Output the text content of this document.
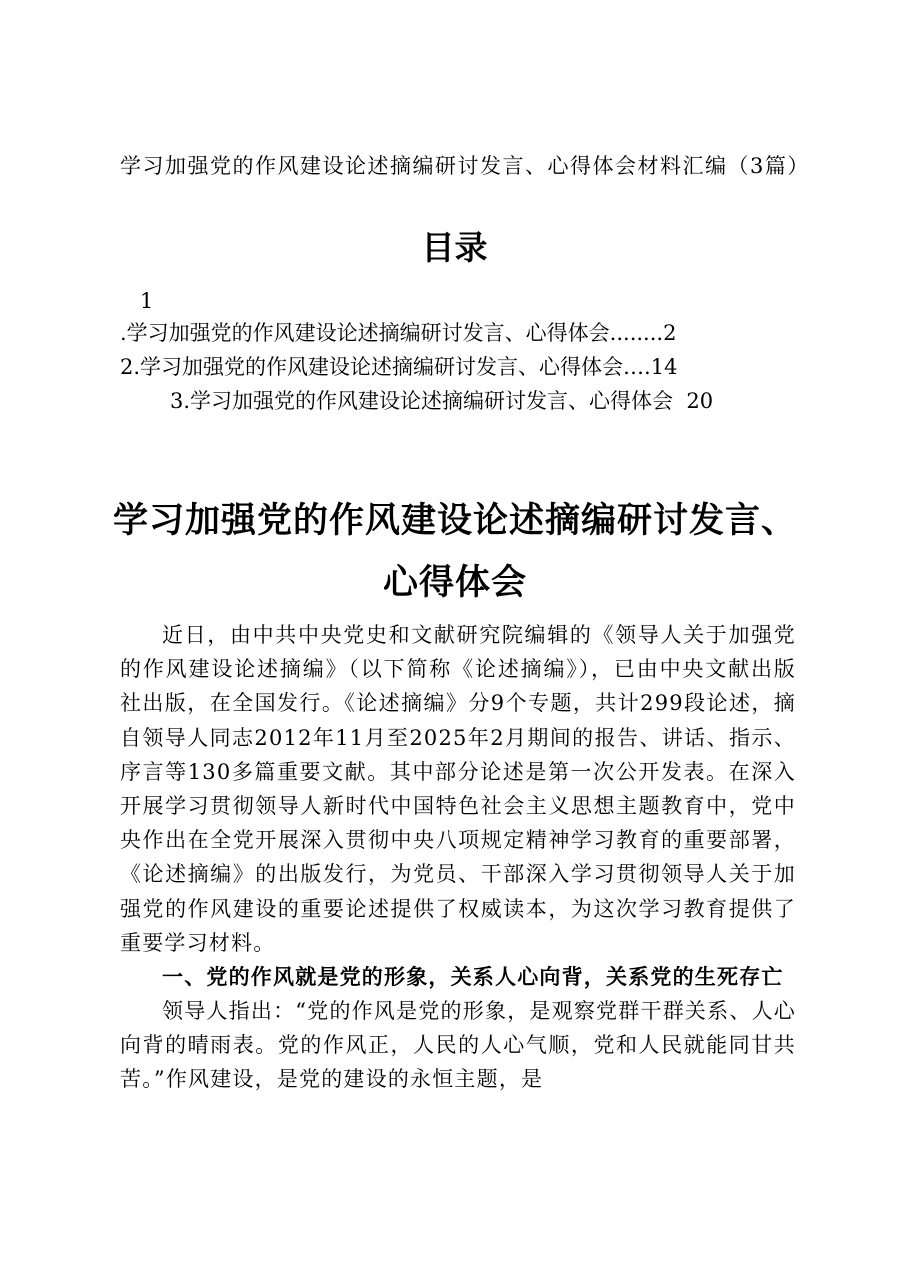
学习加强党的作风建设论述摘编研讨发言、心得体会材料汇编（3篇）
目录
1
.学习加强党的作风建设论述摘编研讨发言、心得体会........2
2.学习加强党的作风建设论述摘编研讨发言、心得体会….14
3.学习加强党的作风建设论述摘编研讨发言、心得体会  20
学习加强党的作风建设论述摘编研讨发言、心得体会

近日，由中共中央党史和文献研究院编辑的《领导人关于加强党的作风建设论述摘编》（以下简称《论述摘编》），已由中央文献出版社出版，在全国发行。《论述摘编》分9个专题，共计299段论述，摘自领导人同志2012年11月至2025年2月期间的报告、讲话、指示、序言等130多篇重要文献。其中部分论述是第一次公开发表。在深入开展学习贯彻领导人新时代中国特色社会主义思想主题教育中，党中央作出在全党开展深入贯彻中央八项规定精神学习教育的重要部署，《论述摘编》的出版发行，为党员、干部深入学习贯彻领导人关于加强党的作风建设的重要论述提供了权威读本，为这次学习教育提供了重要学习材料。

一、党的作风就是党的形象，关系人心向背，关系党的生死存亡

领导人指出：“党的作风是党的形象，是观察党群干群关系、人心向背的晴雨表。党的作风正，人民的人心气顺，党和人民就能同甘共苦。”作风建设，是党的建设的永恒主题，是
